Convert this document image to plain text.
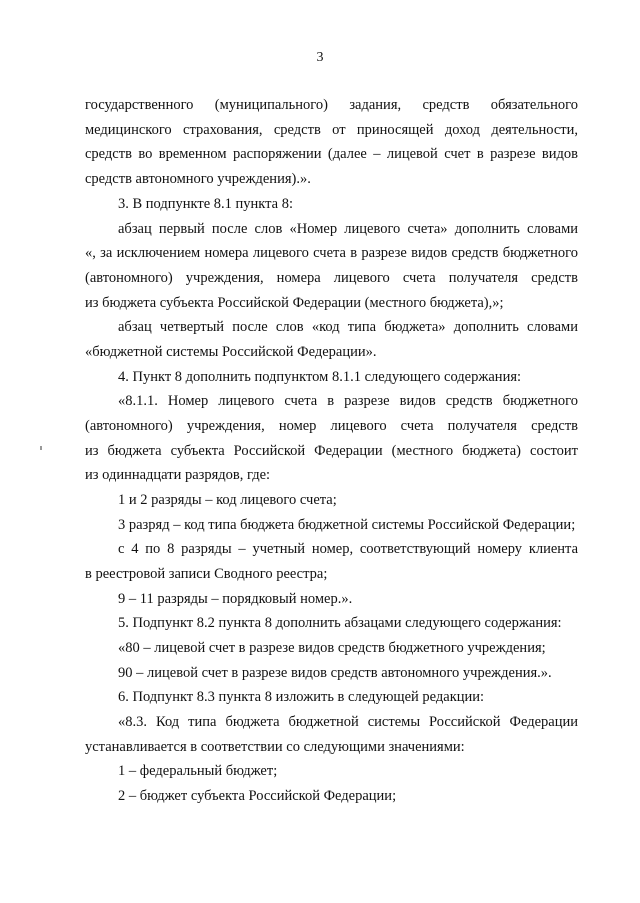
3
государственного (муниципального) задания, средств обязательного
медицинского страхования, средств от приносящей доход деятельности,
средств во временном распоряжении (далее – лицевой счет в разрезе видов
средств автономного учреждения).».
3. В подпункте 8.1 пункта 8:
абзац первый после слов «Номер лицевого счета» дополнить словами
«, за исключением номера лицевого счета в разрезе видов средств бюджетного
(автономного) учреждения, номера лицевого счета получателя средств
из бюджета субъекта Российской Федерации (местного бюджета),»;
абзац четвертый после слов «код типа бюджета» дополнить словами
«бюджетной системы Российской Федерации».
4. Пункт 8 дополнить подпунктом 8.1.1 следующего содержания:
«8.1.1. Номер лицевого счета в разрезе видов средств бюджетного
(автономного) учреждения, номер лицевого счета получателя средств
из бюджета субъекта Российской Федерации (местного бюджета) состоит
из одиннадцати разрядов, где:
1 и 2 разряды – код лицевого счета;
3 разряд – код типа бюджета бюджетной системы Российской Федерации;
с 4 по 8 разряды – учетный номер, соответствующий номеру клиента
в реестровой записи Сводного реестра;
9 – 11 разряды – порядковый номер.».
5. Подпункт 8.2 пункта 8 дополнить абзацами следующего содержания:
«80 – лицевой счет в разрезе видов средств бюджетного учреждения;
90 – лицевой счет в разрезе видов средств автономного учреждения.».
6. Подпункт 8.3 пункта 8 изложить в следующей редакции:
«8.3. Код типа бюджета бюджетной системы Российской Федерации
устанавливается в соответствии со следующими значениями:
1 – федеральный бюджет;
2 – бюджет субъекта Российской Федерации;
